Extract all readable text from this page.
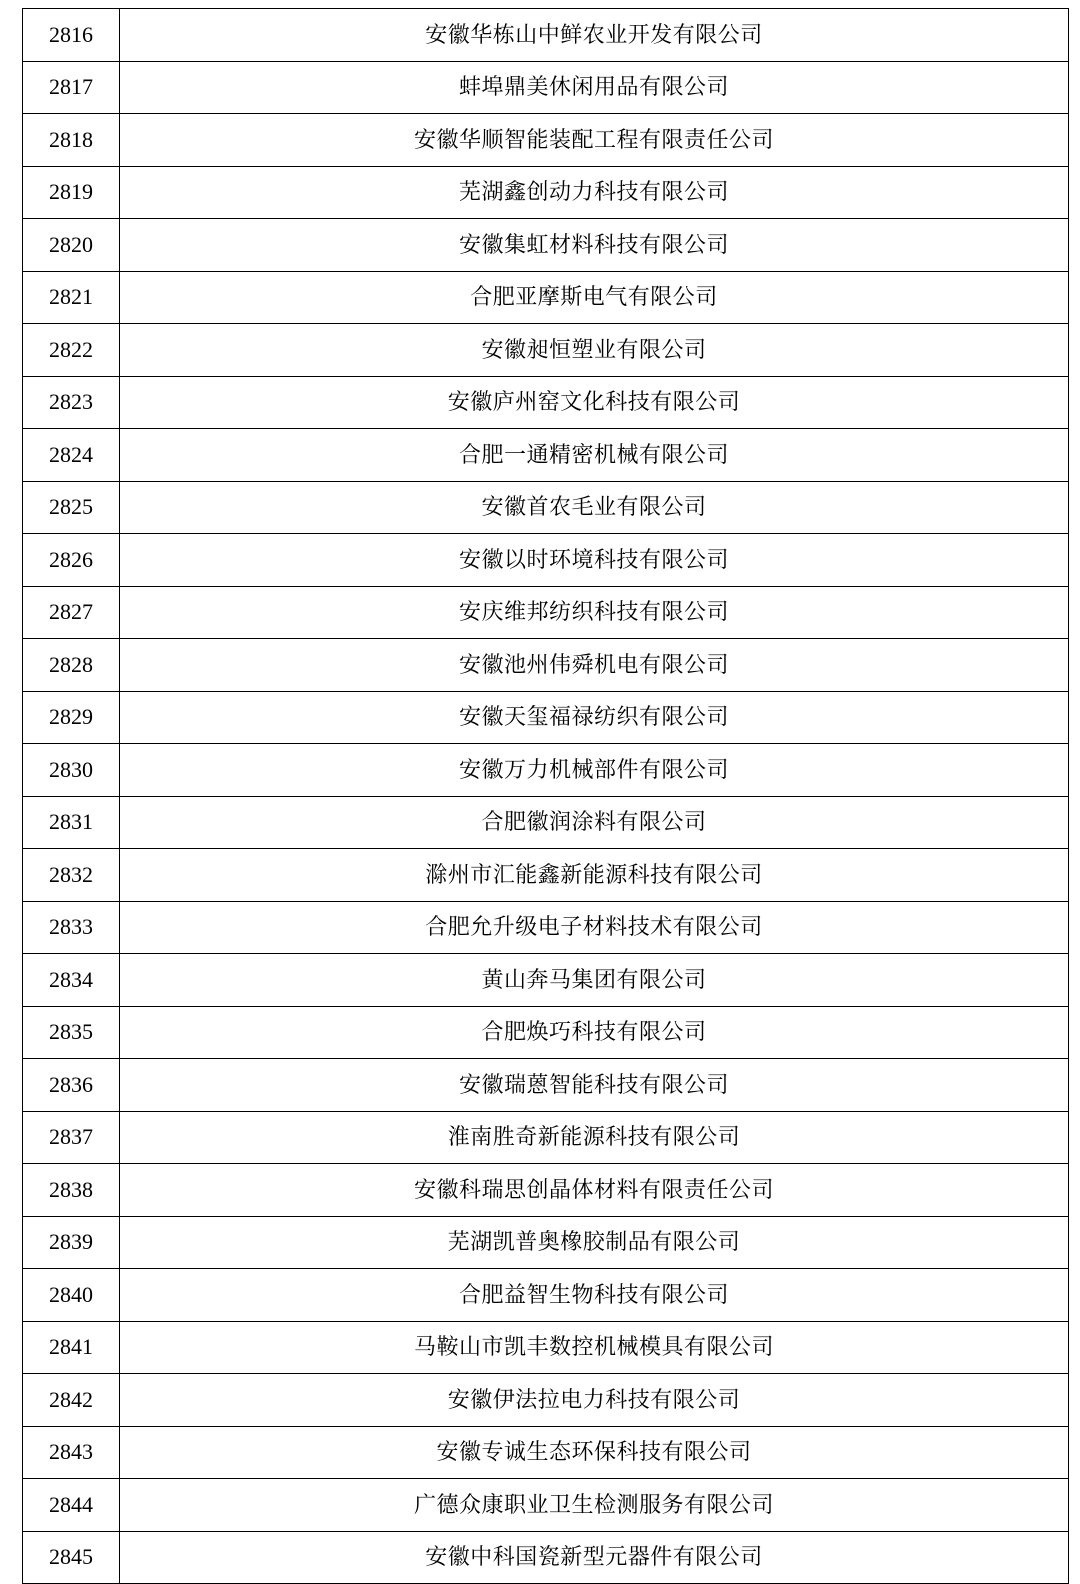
2816	安徽华栋山中鲜农业开发有限公司
2817	蚌埠鼎美休闲用品有限公司
2818	安徽华顺智能装配工程有限责任公司
2819	芜湖鑫创动力科技有限公司
2820	安徽集虹材料科技有限公司
2821	合肥亚摩斯电气有限公司
2822	安徽昶恒塑业有限公司
2823	安徽庐州窑文化科技有限公司
2824	合肥一通精密机械有限公司
2825	安徽首农毛业有限公司
2826	安徽以时环境科技有限公司
2827	安庆维邦纺织科技有限公司
2828	安徽池州伟舜机电有限公司
2829	安徽天玺福禄纺织有限公司
2830	安徽万力机械部件有限公司
2831	合肥徽润涂料有限公司
2832	滁州市汇能鑫新能源科技有限公司
2833	合肥允升级电子材料技术有限公司
2834	黄山奔马集团有限公司
2835	合肥焕巧科技有限公司
2836	安徽瑞蒽智能科技有限公司
2837	淮南胜奇新能源科技有限公司
2838	安徽科瑞思创晶体材料有限责任公司
2839	芜湖凯普奥橡胶制品有限公司
2840	合肥益智生物科技有限公司
2841	马鞍山市凯丰数控机械模具有限公司
2842	安徽伊法拉电力科技有限公司
2843	安徽专诚生态环保科技有限公司
2844	广德众康职业卫生检测服务有限公司
2845	安徽中科国瓷新型元器件有限公司
